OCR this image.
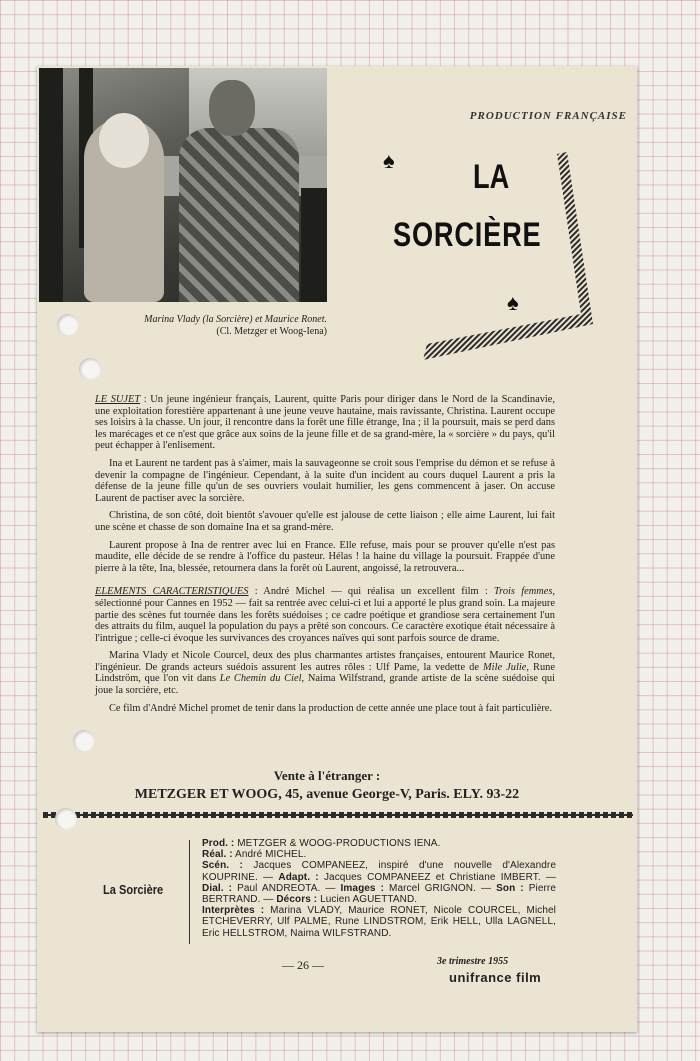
Marina Vlady (la Sorcière) et Maurice Ronet.
(Cl. Metzger et Woog-Iena)
PRODUCTION FRANÇAISE
♠
♠
LA
SORCIÈRE

LE SUJET : Un jeune ingénieur français, Laurent, quitte Paris pour diriger dans le Nord de la Scandinavie, une exploitation forestière appartenant à une jeune veuve hautaine, mais ravissante, Christina. Laurent occupe ses loisirs à la chasse. Un jour, il rencontre dans la forêt une fille étrange, Ina ; il la poursuit, mais se perd dans les marécages et ce n'est que grâce aux soins de la jeune fille et de sa grand-mère, la « sorcière » du pays, qu'il peut échapper à l'enlisement.

Ina et Laurent ne tardent pas à s'aimer, mais la sauvageonne se croit sous l'emprise du démon et se refuse à devenir la compagne de l'ingénieur. Cependant, à la suite d'un incident au cours duquel Laurent a pris la défense de la jeune fille qu'un de ses ouvriers voulait humilier, les gens commencent à jaser. On accuse Laurent de pactiser avec la sorcière.

Christina, de son côté, doit bientôt s'avouer qu'elle est jalouse de cette liaison ; elle aime Laurent, lui fait une scène et chasse de son domaine Ina et sa grand-mère.

Laurent propose à Ina de rentrer avec lui en France. Elle refuse, mais pour se prouver qu'elle n'est pas maudite, elle décide de se rendre à l'office du pasteur. Hélas ! la haine du village la poursuit. Frappée d'une pierre à la tête, Ina, blessée, retournera dans la forêt où Laurent, angoissé, la retrouvera...

ELEMENTS CARACTERISTIQUES : André Michel — qui réalisa un excellent film : Trois femmes, sélectionné pour Cannes en 1952 — fait sa rentrée avec celui-ci et lui a apporté le plus grand soin. La majeure partie des scènes fut tournée dans les forêts suédoises ; ce cadre poétique et grandiose sera certainement l'un des attraits du film, auquel la population du pays a prêté son concours. Ce caractère exotique était nécessaire à l'intrigue ; celle-ci évoque les survivances des croyances naïves qui sont parfois source de drame.

Marina Vlady et Nicole Courcel, deux des plus charmantes artistes françaises, entourent Maurice Ronet, l'ingénieur. De grands acteurs suédois assurent les autres rôles : Ulf Pame, la vedette de Mile Julie, Rune Lindström, que l'on vit dans Le Chemin du Ciel, Naima Wilfstrand, grande artiste de la scène suédoise qui joue la sorcière, etc.

Ce film d'André Michel promet de tenir dans la production de cette année une place tout à fait particulière.

Vente à l'étranger :
METZGER ET WOOG, 45, avenue George-V, Paris. ELY. 93-22
La Sorcière

Prod. : METZGER & WOOG-PRODUCTIONS IENA.

Réal. : André MICHEL.

Scén. : Jacques COMPANEEZ, inspiré d'une nouvelle d'Alexandre KOUPRINE. — Adapt. : Jacques COMPANEEZ et Christiane IMBERT. — Dial. : Paul ANDREOTA. — Images : Marcel GRIGNON. — Son : Pierre BERTRAND. — Décors : Lucien AGUETTAND.

Interprètes : Marina VLADY, Maurice RONET, Nicole COURCEL, Michel ETCHEVERRY, Ulf PALME, Rune LINDSTROM, Erik HELL, Ulla LAGNELL, Eric HELLSTROM, Naima WILFSTRAND.

— 26 —	3e trimestre 1955
unifrance film
